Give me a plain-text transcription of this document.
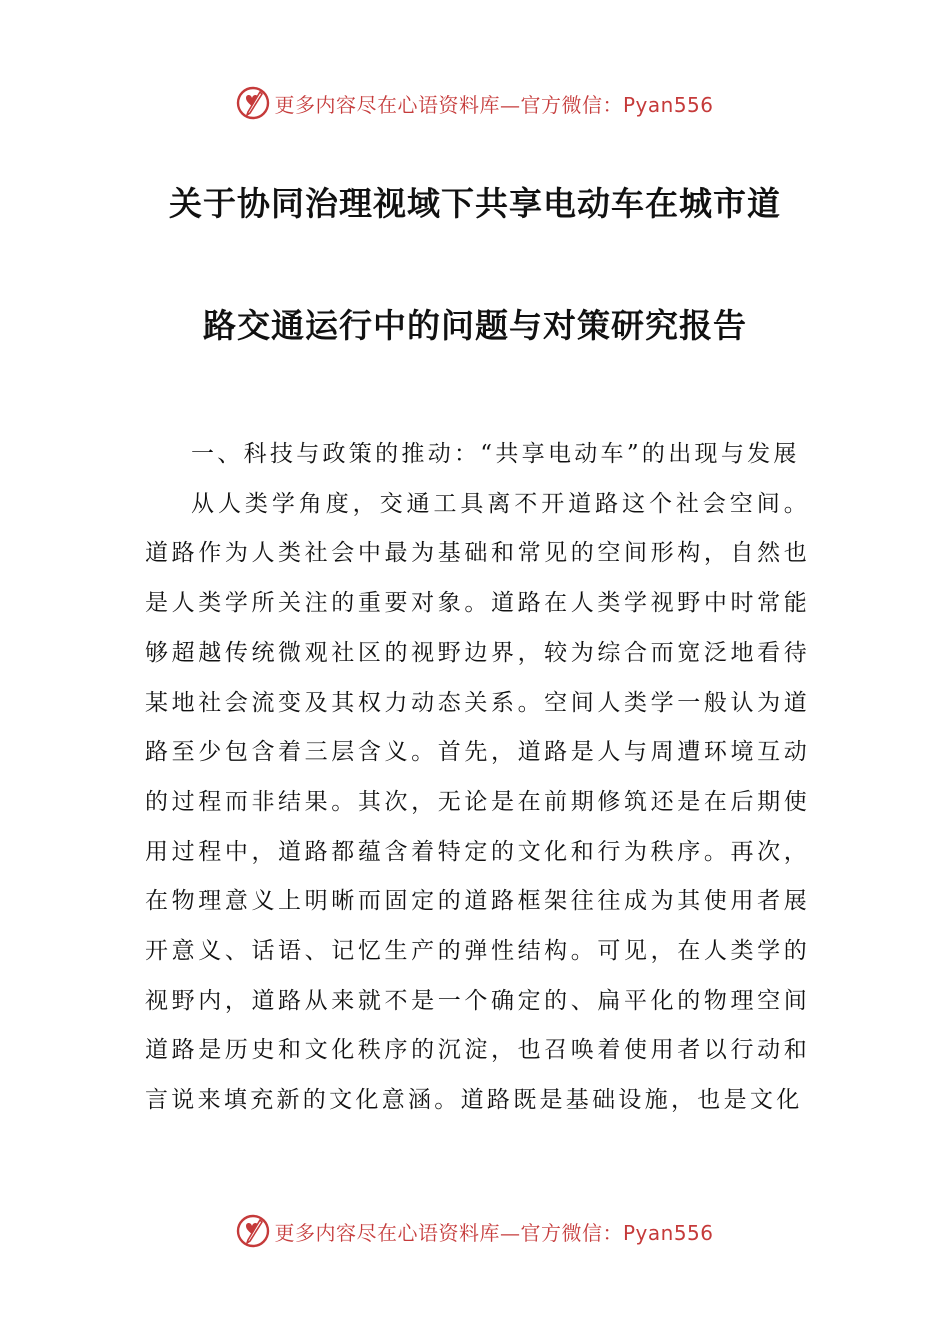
更多内容尽在心语资料库—官方微信：Pyan556
关于协同治理视域下共享电动车在城市道
路交通运行中的问题与对策研究报告

一、科技与政策的推动：“共享电动车”的出现与发展

从人类学角度，交通工具离不开道路这个社会空间。道路作为人类社会中最为基础和常见的空间形构，自然也是人类学所关注的重要对象。道路在人类学视野中时常能够超越传统微观社区的视野边界，较为综合而宽泛地看待某地社会流变及其权力动态关系。空间人类学一般认为道路至少包含着三层含义。首先，道路是人与周遭环境互动的过程而非结果。其次，无论是在前期修筑还是在后期使用过程中，道路都蕴含着特定的文化和行为秩序。再次，在物理意义上明晰而固定的道路框架往往成为其使用者展开意义、话语、记忆生产的弹性结构。可见，在人类学的视野内，道路从来就不是一个确定的、扁平化的物理空间道路是历史和文化秩序的沉淀，也召唤着使用者以行动和言说来填充新的文化意涵。道路既是基础设施，也是文化

更多内容尽在心语资料库—官方微信：Pyan556
